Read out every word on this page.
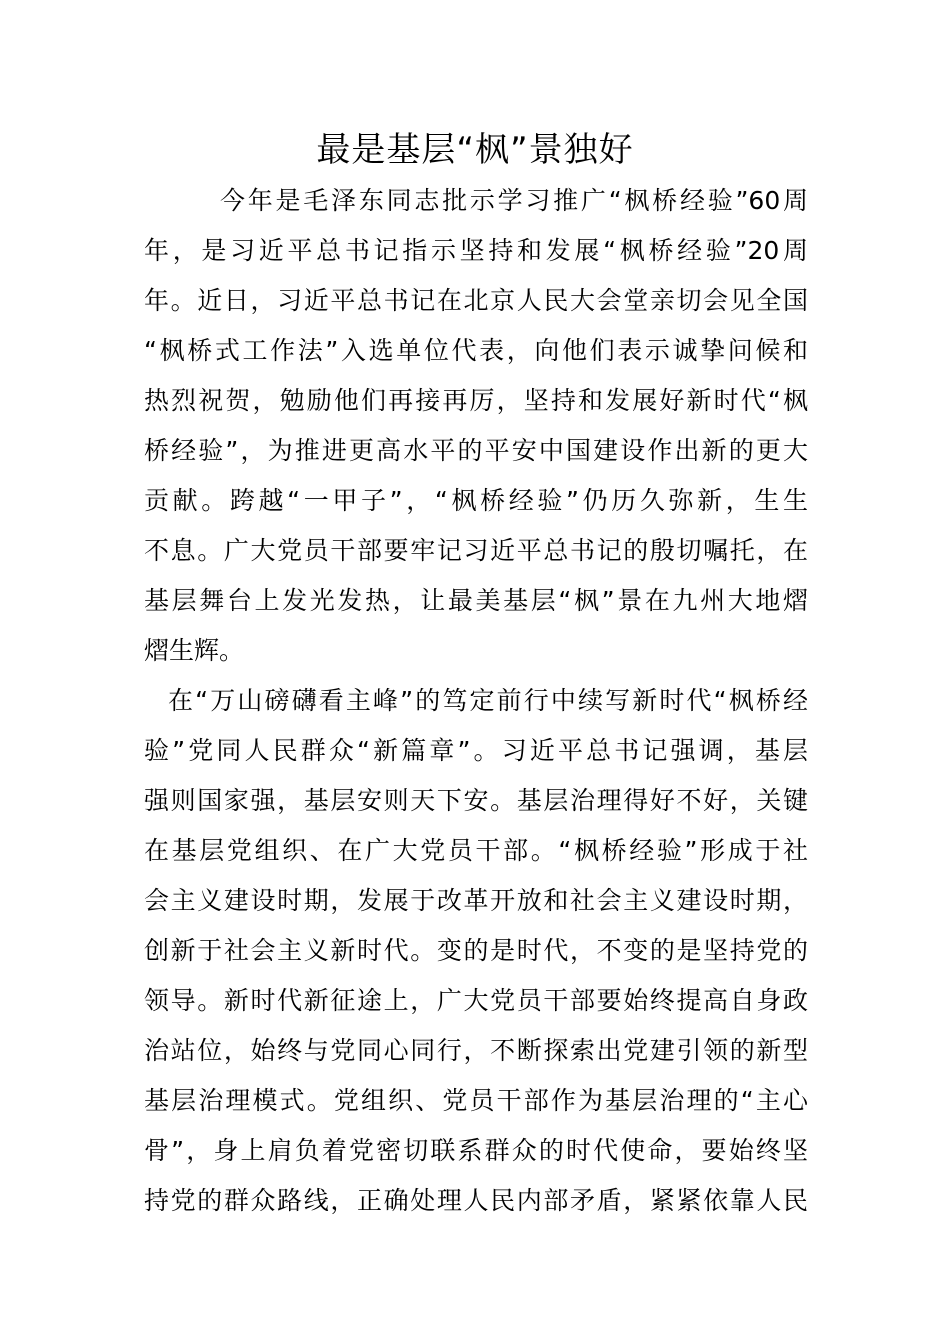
最是基层“枫”景独好
今年是毛泽东同志批示学习推广“枫桥经验”60周
年，是习近平总书记指示坚持和发展“枫桥经验”20周
年。近日，习近平总书记在北京人民大会堂亲切会见全国
“枫桥式工作法”入选单位代表，向他们表示诚挚问候和
热烈祝贺，勉励他们再接再厉，坚持和发展好新时代“枫
桥经验”，为推进更高水平的平安中国建设作出新的更大
贡献。跨越“一甲子”，“枫桥经验”仍历久弥新，生生
不息。广大党员干部要牢记习近平总书记的殷切嘱托，在
基层舞台上发光发热，让最美基层“枫”景在九州大地熠
熠生辉。
在“万山磅礴看主峰”的笃定前行中续写新时代“枫桥经
验”党同人民群众“新篇章”。习近平总书记强调，基层
强则国家强，基层安则天下安。基层治理得好不好，关键
在基层党组织、在广大党员干部。“枫桥经验”形成于社
会主义建设时期，发展于改革开放和社会主义建设时期，
创新于社会主义新时代。变的是时代，不变的是坚持党的
领导。新时代新征途上，广大党员干部要始终提高自身政
治站位，始终与党同心同行，不断探索出党建引领的新型
基层治理模式。党组织、党员干部作为基层治理的“主心
骨”，身上肩负着党密切联系群众的时代使命，要始终坚
持党的群众路线，正确处理人民内部矛盾，紧紧依靠人民
